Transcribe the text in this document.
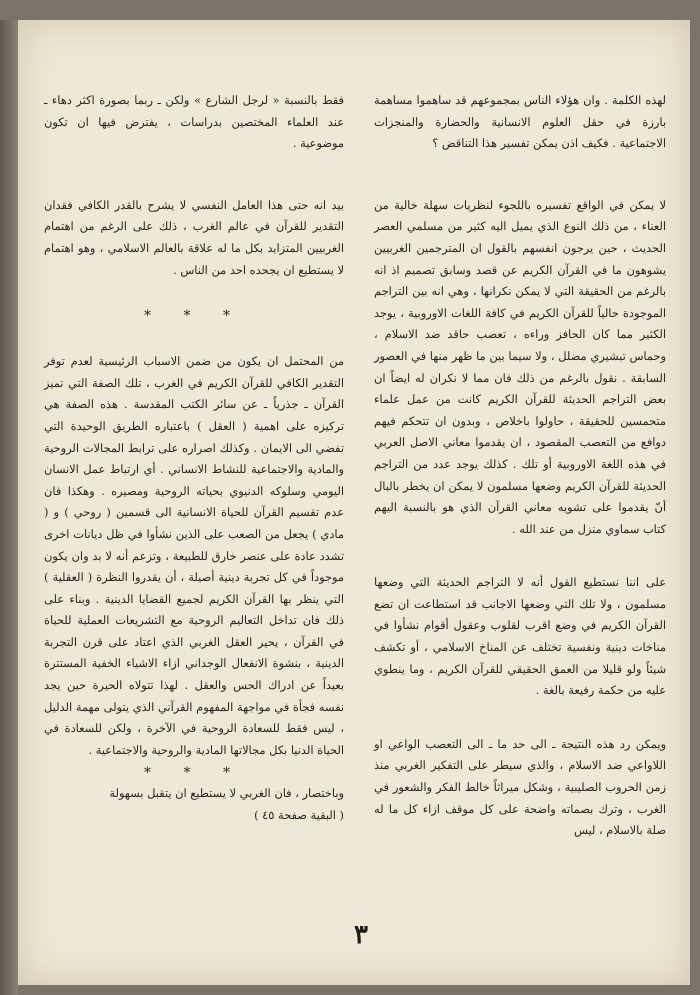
لهذه الكلمة . وان هؤلاء الناس بمجموعهم قد ساهموا مساهمة بارزة في حقل العلوم الانسانية والحضارة والمنجزات الاجتماعية . فكيف اذن يمكن تفسير هذا التناقض ؟

لا يمكن في الواقع تفسيره باللجوء لنظريات سهلة خالية من العناء ، من ذلك النوع الذي يميل اليه كثير من مسلمي العصر الحديث ، حين يرجون انفسهم بالقول ان المترجمين الغربيين يشوهون ما في القرآن الكريم عن قصد وسابق تصميم اذ انه بالرغم من الحقيقة التي لا يمكن نكرانها ، وهي انه بين التراجم الموجودة حالياً للقرآن الكريم في كافة اللغات الاوروبية ، يوجد الكثير مما كان الحافز وراءه ، تعصب حاقد ضد الاسلام ، وحماس تبشيري مضلل ، ولا سيما بين ما ظهر منها في العصور السابقة . نقول بالرغم من ذلك فان مما لا نكران له ايضاً ان بعض التراجم الحديثة للقرآن الكريم كانت من عمل علماء متحمسين للحقيقة ، حاولوا باخلاص ، وبدون ان تتحكم فيهم دوافع من التعصب المقصود ، ان يقدموا معاني الاصل العربي في هذه اللغة الاوروبية أو تلك . كذلك يوجد عدد من التراجم الحديثة للقرآن الكريم وضعها مسلمون لا يمكن ان يخطر بالبال أنّ يقدموا على تشويه معاني القرآن الذي هو بالنسبة اليهم كتاب سماوي منزل من عند الله .

على اننا نستطيع القول أنه لا التراجم الحديثة التي وضعها مسلمون ، ولا تلك التي وضعها الاجانب قد استطاعت ان تضع القرآن الكريم في وضع اقرب لقلوب وعقول أقوام نشأوا في مناخات دينية ونفسية تختلف عن المناخ الاسلامي ، أو تكشف شيئاً ولو قليلا من العمق الحقيقي للقرآن الكريم ، وما ينطوي عليه من حكمة رفيعة بالغة .

ويمكن رد هذه النتيجة ـ الى حد ما ـ الى التعصب الواعي او اللاواعي ضد الاسلام ، والذي سيطر على التفكير الغربي منذ زمن الحروب الصليبية ، وشكل ميراثاً خالط الفكر والشعور في الغرب ، وترك بصماته واضحة على كل موقف ازاء كل ما له صلة بالاسلام ، ليس

فقط بالنسبة « لرجل الشارع » ولكن ـ ربما بصورة اكثر دهاء ـ عند العلماء المختصين بدراسات ، يفترض فيها ان تكون موضوعية .

بيد انه حتى هذا العامل النفسي لا يشرح بالقدر الكافي فقدان التقدير للقرآن في عالم الغرب ، ذلك على الرغم من اهتمام الغربيين المتزايد بكل ما له علاقة بالعالم الاسلامي ، وهو اهتمام لا يستطيع ان يجحده احد من الناس .

* * *

من المحتمل ان يكون من ضمن الاسباب الرئيسية لعدم توفر التقدير الكافي للقرآن الكريم في الغرب ، تلك الصفة التي تميز القرآن ـ جذرياً ـ عن سائر الكتب المقدسة . هذه الصفة هي تركيزه على اهمية ( العقل ) باعتباره الطريق الوحيدة التي تفضي الى الايمان . وكذلك اصراره على ترابط المجالات الروحية والمادية والاجتماعية للنشاط الانساني . أي ارتباط عمل الانسان اليومي وسلوكه الدنيوي بحياته الروحية ومصيره . وهكذا فان عدم تقسيم القرآن للحياة الانسانية الى قسمين ( روحي ) و ( مادي ) يجعل من الصعب على الذين نشأوا في ظل ديانات اخرى تشدد عادة على عنصر خارق للطبيعة ، وتزعم أنه لا بد وان يكون موجوداً في كل تجربة دينية أصيلة ، أن يقدروا النظرة ( العقلية ) التي ينظر بها القرآن الكريم لجميع القضايا الدينية . وبناء على ذلك فان تداخل التعاليم الروحية مع التشريعات العملية للحياة في القرآن ، يحير العقل الغربي الذي اعتاد على قرن التجربة الدينية ، بنشوة الانفعال الوجداني ازاء الاشياء الخفية المستترة بعيداً عن ادراك الحس والعقل . لهذا تتولاه الحيرة حين يجد نفسه فجأة في مواجهة المفهوم القرآني الذي يتولى مهمة الدليل ، ليس فقط للسعادة الروحية في الآخرة ، ولكن للسعادة في الحياة الدنيا بكل مجالاتها المادية والروحية والاجتماعية .

* * *

وباختصار ، فان الغربي لا يستطيع ان يتقبل بسهولة

( البقية صفحة ٤٥ )

٣
